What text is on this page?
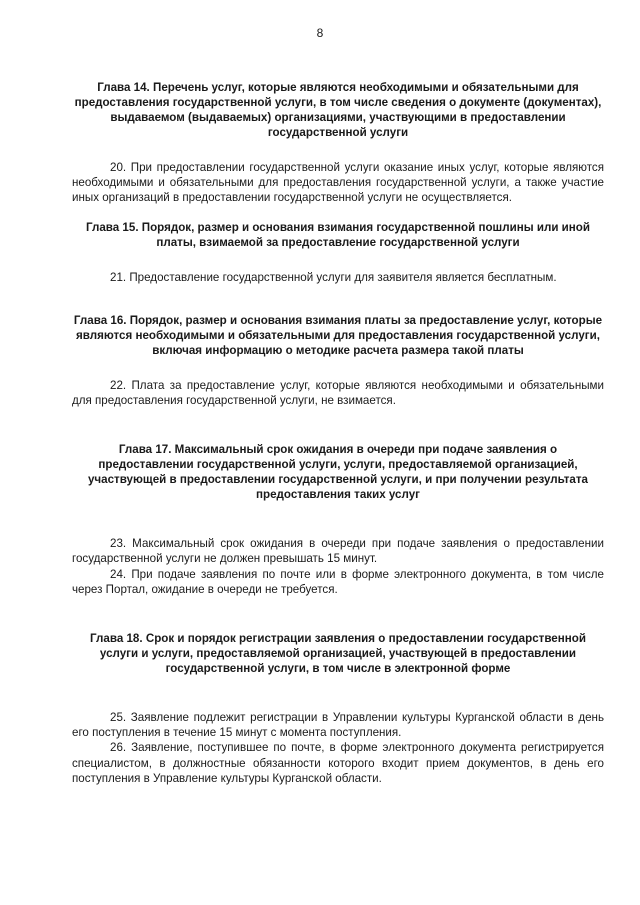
8

Глава 14. Перечень услуг, которые являются необходимыми и обязательными для предоставления государственной услуги, в том числе сведения о документе (документах), выдаваемом (выдаваемых) организациями, участвующими в предоставлении государственной услуги

20. При предоставлении государственной услуги оказание иных услуг, которые являются необходимыми и обязательными для предоставления государственной услуги, а также участие иных организаций в предоставлении государственной услуги не осуществляется.

Глава 15. Порядок, размер и основания взимания государственной пошлины или иной платы, взимаемой за предоставление государственной услуги

21. Предоставление государственной услуги для заявителя является бесплатным.

Глава 16. Порядок, размер и основания взимания платы за предоставление услуг, которые являются необходимыми и обязательными для предоставления государственной услуги, включая информацию о методике расчета размера такой платы

22. Плата за предоставление услуг, которые являются необходимыми и обязательными для предоставления государственной услуги, не взимается.

Глава 17. Максимальный срок ожидания в очереди при подаче заявления о предоставлении государственной услуги, услуги, предоставляемой организацией, участвующей в предоставлении государственной услуги, и при получении результата предоставления таких услуг

23. Максимальный срок ожидания в очереди при подаче заявления о предоставлении государственной услуги не должен превышать 15 минут.

24. При подаче заявления по почте или в форме электронного документа, в том числе через Портал, ожидание в очереди не требуется.

Глава 18. Срок и порядок регистрации заявления о предоставлении государственной услуги и услуги, предоставляемой организацией, участвующей в предоставлении государственной услуги, в том числе в электронной форме

25. Заявление подлежит регистрации в Управлении культуры Курганской области в день его поступления в течение 15 минут с момента поступления.

26. Заявление, поступившее по почте, в форме электронного документа регистрируется специалистом, в должностные обязанности которого входит прием документов, в день его поступления в Управление культуры Курганской области.
